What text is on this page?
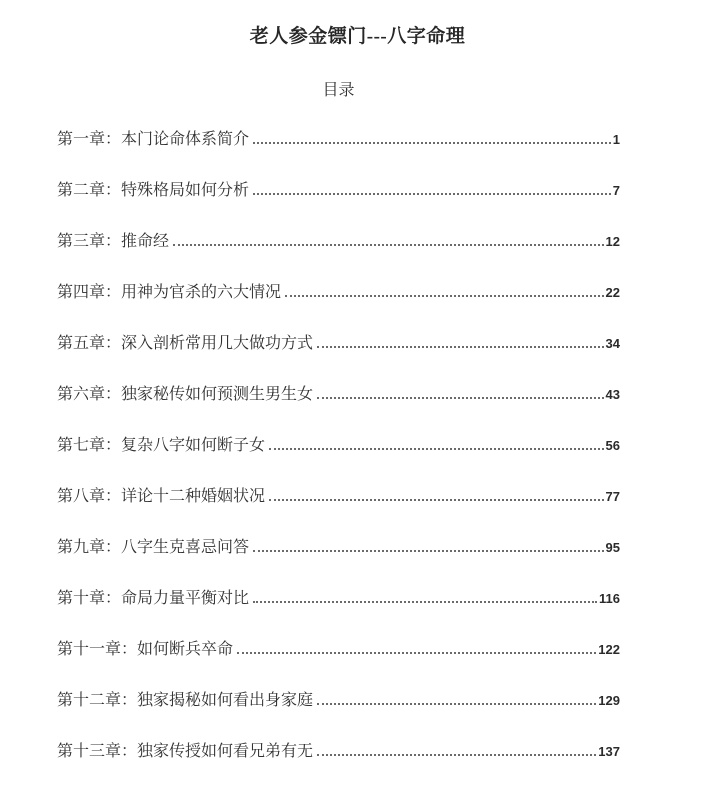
老人参金镖门---八字命理
目录
第一章：本门论命体系简介	1
第二章：特殊格局如何分析	7
第三章：推命经	12
第四章：用神为官杀的六大情况	22
第五章：深入剖析常用几大做功方式	34
第六章：独家秘传如何预测生男生女	43
第七章：复杂八字如何断子女	56
第八章：详论十二种婚姻状况	77
第九章：八字生克喜忌问答	95
第十章：命局力量平衡对比	116
第十一章：如何断兵卒命	122
第十二章：独家揭秘如何看出身家庭	129
第十三章：独家传授如何看兄弟有无	137
